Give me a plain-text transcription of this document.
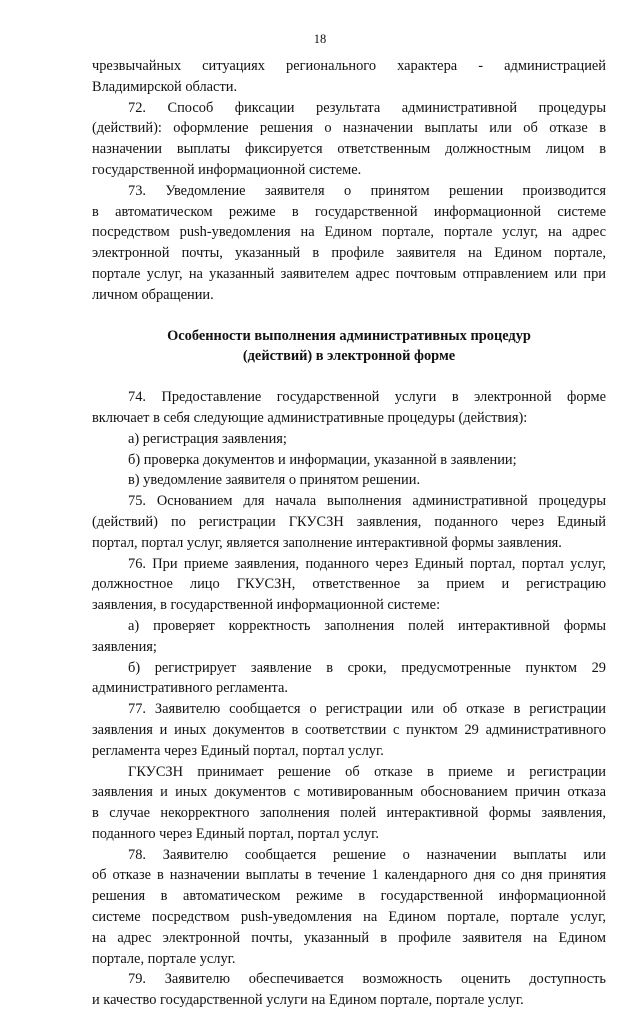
18
чрезвычайных ситуациях регионального характера - администрацией
Владимирской области.
72. Способ фиксации результата административной процедуры
(действий): оформление решения о назначении выплаты или об отказе в
назначении выплаты фиксируется ответственным должностным лицом в
государственной информационной системе.
73. Уведомление заявителя о принятом решении производится
в автоматическом режиме в государственной информационной системе
посредством push-уведомления на Едином портале, портале услуг, на адрес
электронной почты, указанный в профиле заявителя на Едином портале,
портале услуг, на указанный заявителем адрес почтовым отправлением или при
личном обращении.
Особенности выполнения административных процедур
(действий) в электронной форме
74. Предоставление государственной услуги в электронной форме
включает в себя следующие административные процедуры (действия):
а) регистрация заявления;
б) проверка документов и информации, указанной в заявлении;
в) уведомление заявителя о принятом решении.
75. Основанием для начала выполнения административной процедуры
(действий) по регистрации ГКУСЗН заявления, поданного через Единый
портал, портал услуг, является заполнение интерактивной формы заявления.
76. При приеме заявления, поданного через Единый портал, портал услуг,
должностное лицо ГКУСЗН, ответственное за прием и регистрацию
заявления, в государственной информационной системе:
а) проверяет корректность заполнения полей интерактивной формы
заявления;
б) регистрирует заявление в сроки, предусмотренные пунктом 29
административного регламента.
77. Заявителю сообщается о регистрации или об отказе в регистрации
заявления и иных документов в соответствии с пунктом 29 административного
регламента через Единый портал, портал услуг.
ГКУСЗН принимает решение об отказе в приеме и регистрации
заявления и иных документов с мотивированным обоснованием причин отказа
в случае некорректного заполнения полей интерактивной формы заявления,
поданного через Единый портал, портал услуг.
78. Заявителю сообщается решение о назначении выплаты или
об отказе в назначении выплаты в течение 1 календарного дня со дня принятия
решения в автоматическом режиме в государственной информационной
системе посредством push-уведомления на Едином портале, портале услуг,
на адрес электронной почты, указанный в профиле заявителя на Едином
портале, портале услуг.
79. Заявителю обеспечивается возможность оценить доступность
и качество государственной услуги на Едином портале, портале услуг.
